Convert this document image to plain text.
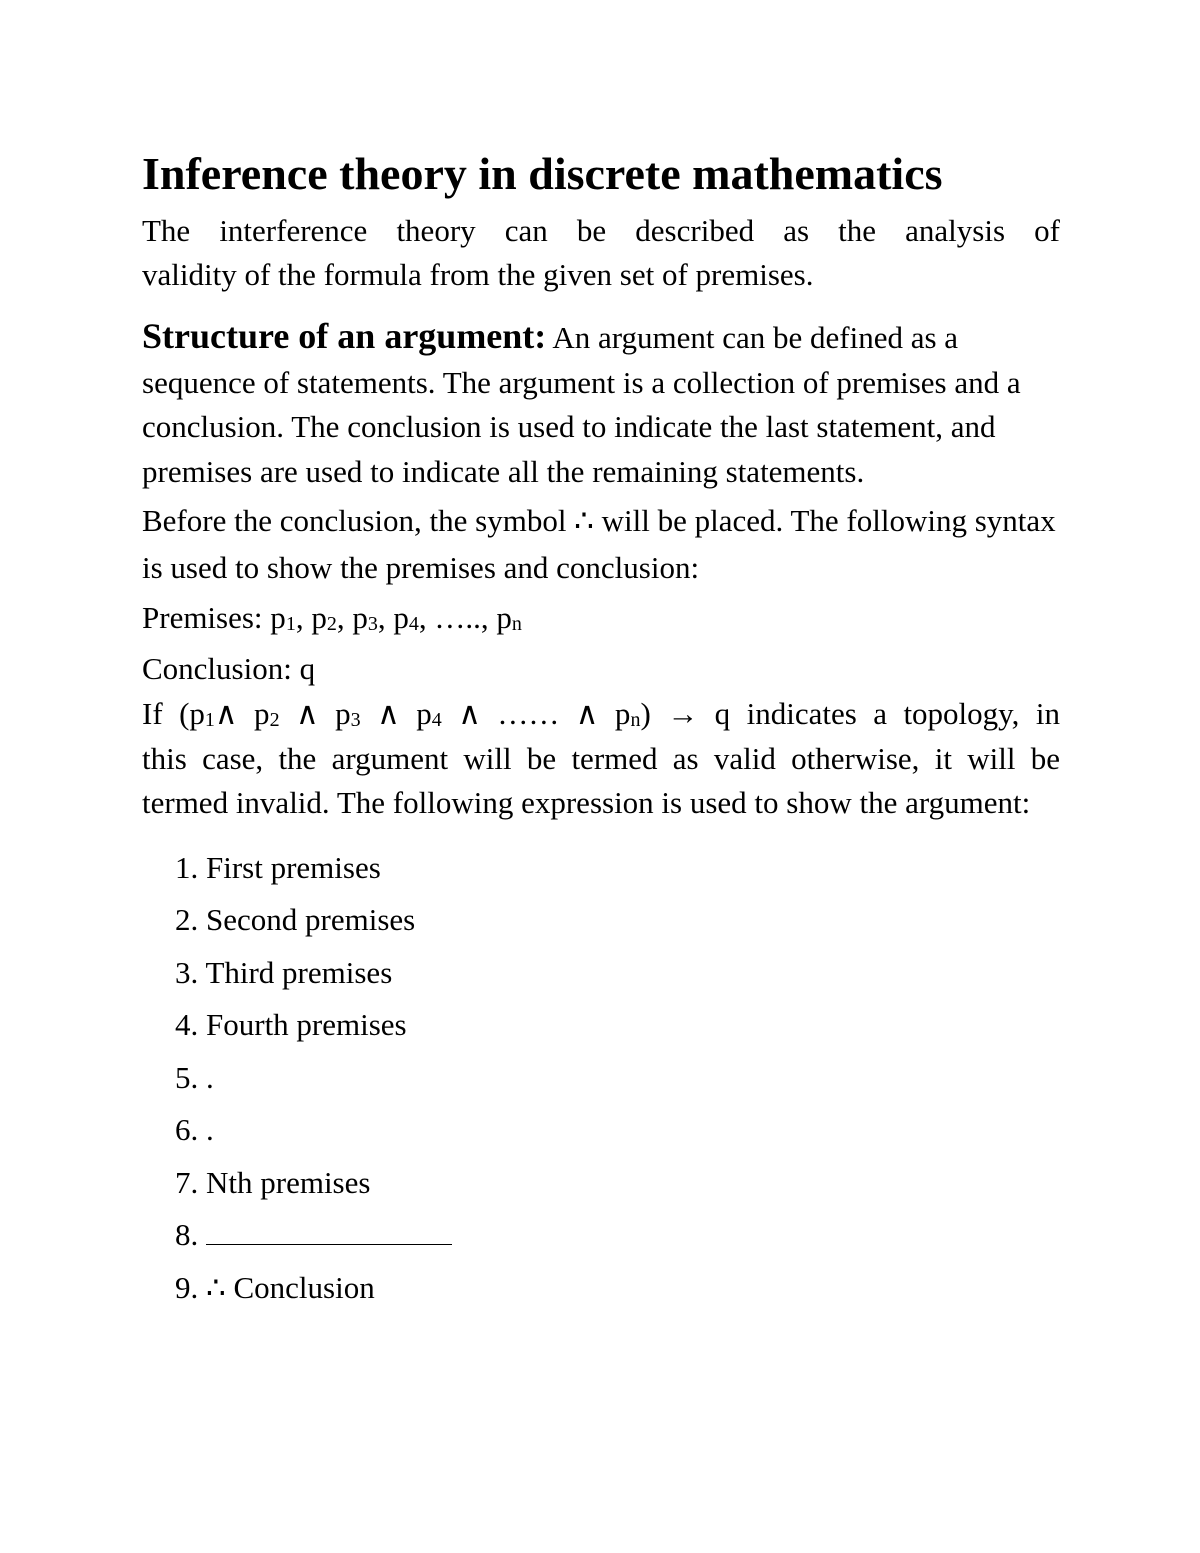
Inference theory in discrete mathematics

The interference theory can be described as the analysis of

validity of the formula from the given set of premises.

Structure of an argument: An argument can be defined as a sequence of statements. The argument is a collection of premises and a conclusion. The conclusion is used to indicate the last statement, and premises are used to indicate all the remaining statements.

Before the conclusion, the symbol ∴ will be placed. The following syntax is used to show the premises and conclusion:

Premises: $p_1$, $p_2$, $p_3$, $p_4$, ….., $p_n$

Conclusion: q

If ($p_1\wedge$ $p_2$ ∧ $p_3$ ∧ $p_4$ ∧ …… ∧ $p_n) \to q$ indicates a topology, in

this case, the argument will be termed as valid otherwise, it will be termed invalid. The following expression is used to show the argument:

1. First premises
2. Second premises
3. Third premises
4. Fourth premises
5. .
6. .
7. Nth premises
8.
9. ∴ Conclusion
